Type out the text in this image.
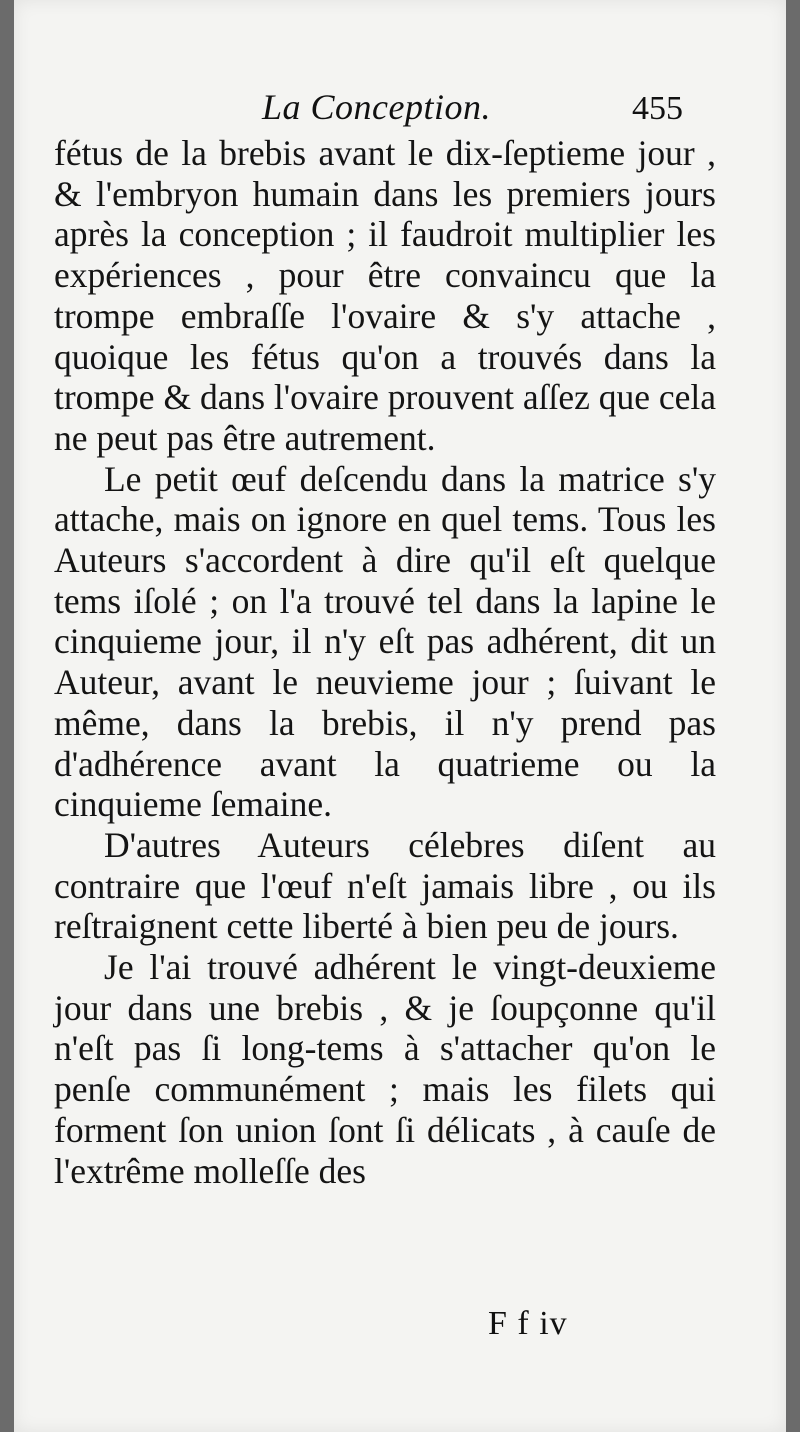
La Conception.	455

fétus de la brebis avant le dix-ſeptieme jour , & l'embryon humain dans les premiers jours après la conception ; il faudroit multiplier les expériences , pour être convaincu que la trompe embraſſe l'ovaire & s'y attache , quoique les fétus qu'on a trouvés dans la trompe & dans l'ovaire prouvent aſſez que cela ne peut pas être autrement.

Le petit œuf deſcendu dans la matrice s'y attache, mais on ignore en quel tems. Tous les Auteurs s'accordent à dire qu'il eſt quelque tems iſolé ; on l'a trouvé tel dans la lapine le cinquieme jour, il n'y eſt pas adhérent, dit un Auteur, avant le neuvieme jour ; ſuivant le même, dans la brebis, il n'y prend pas d'adhérence avant la quatrieme ou la cinquieme ſemaine.

D'autres Auteurs célebres diſent au contraire que l'œuf n'eſt jamais libre , ou ils reſtraignent cette liberté à bien peu de jours.

Je l'ai trouvé adhérent le vingt-deuxieme jour dans une brebis , & je ſoupçonne qu'il n'eſt pas ſi long-tems à s'attacher qu'on le penſe communément ; mais les filets qui forment ſon union ſont ſi délicats , à cauſe de l'extrême molleſſe des

F f iv
